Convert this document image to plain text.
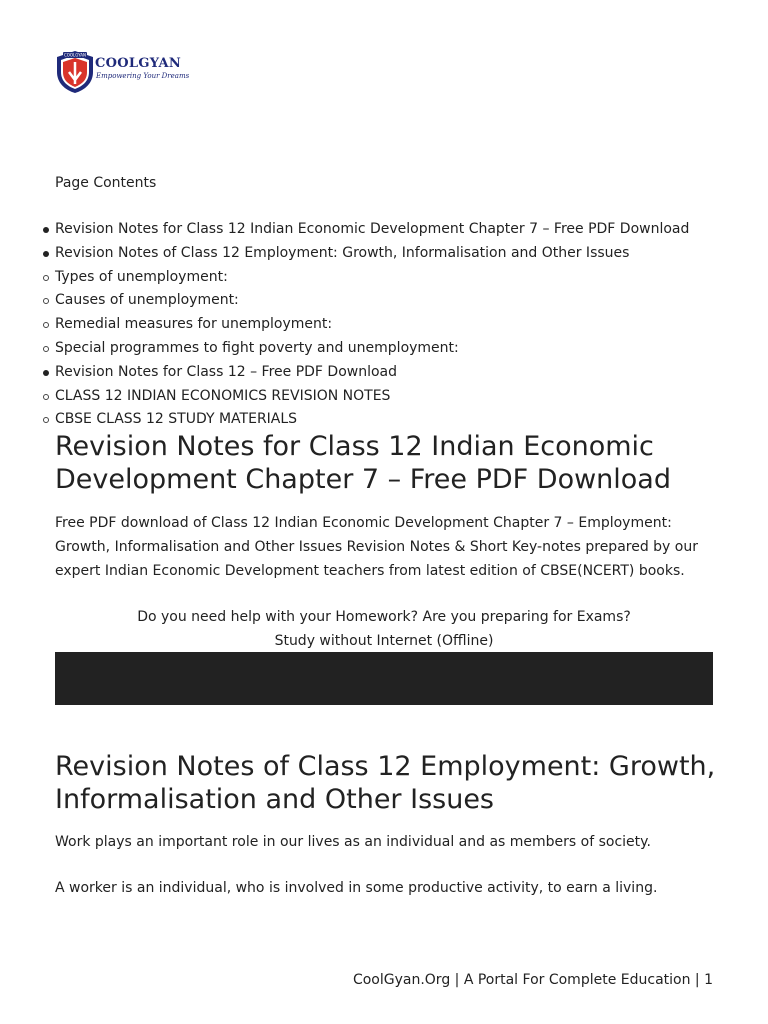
COOLGYAN
COOLGYAN
Empowering Your Dreams
Page Contents
Revision Notes for Class 12 Indian Economic Development Chapter 7 – Free PDF Download
Revision Notes of Class 12 Employment: Growth, Informalisation and Other Issues
Types of unemployment:
Causes of unemployment:
Remedial measures for unemployment:
Special programmes to fight poverty and unemployment:
Revision Notes for Class 12 – Free PDF Download
CLASS 12 INDIAN ECONOMICS REVISION NOTES
CBSE CLASS 12 STUDY MATERIALS
Revision Notes for Class 12 Indian Economic Development Chapter 7 – Free PDF Download

Free PDF download of Class 12 Indian Economic Development Chapter 7 – Employment: Growth, Informalisation and Other Issues Revision Notes & Short Key-notes prepared by our expert Indian Economic Development teachers from latest edition of CBSE(NCERT) books.

Do you need help with your Homework? Are you preparing for Exams?
Study without Internet (Offline)
Revision Notes of Class 12 Employment: Growth, Informalisation and Other Issues

Work plays an important role in our lives as an individual and as members of society.

A worker is an individual, who is involved in some productive activity, to earn a living.

CoolGyan.Org | A Portal For Complete Education | 1
